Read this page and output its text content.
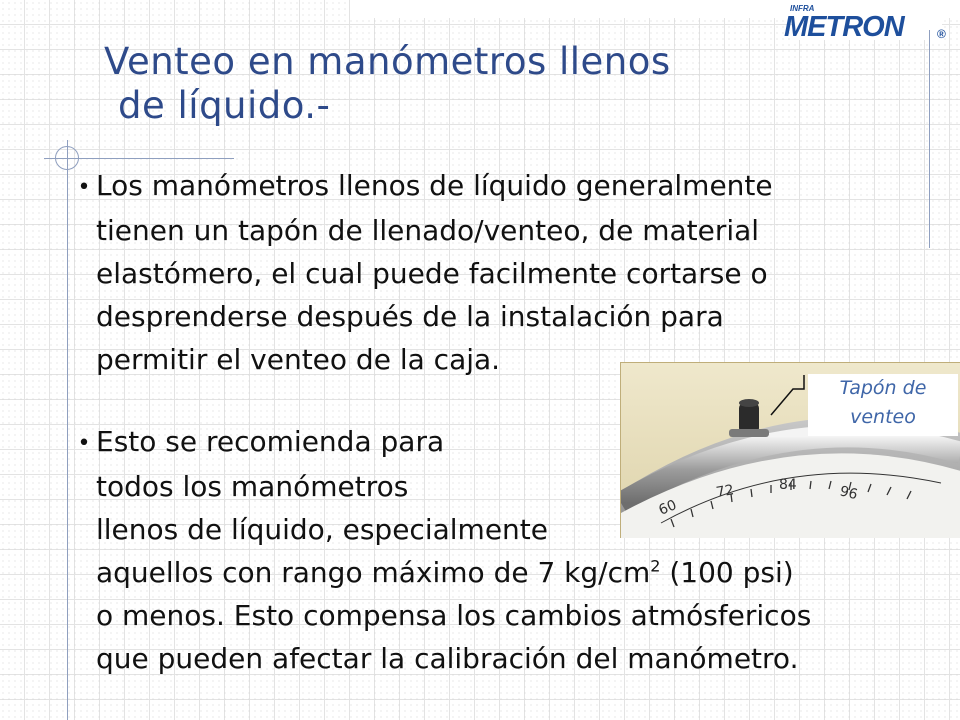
INFRA
METRON	®
Venteo en manómetros llenos
de líquido.-
• Los manómetros llenos de líquido generalmente
tienen un tapón de llenado/venteo, de material
elastómero, el cual puede facilmente cortarse o
desprenderse después de la instalación para
permitir el venteo de la caja.
60
72	84	96
Tapón de
venteo
• Esto se recomienda para
todos los manómetros
llenos de líquido, especialmente
aquellos con rango máximo de 7 $kg/cm^2$ (100 psi)
o menos. Esto compensa los cambios atmósfericos
que pueden afectar la calibración del manómetro.
